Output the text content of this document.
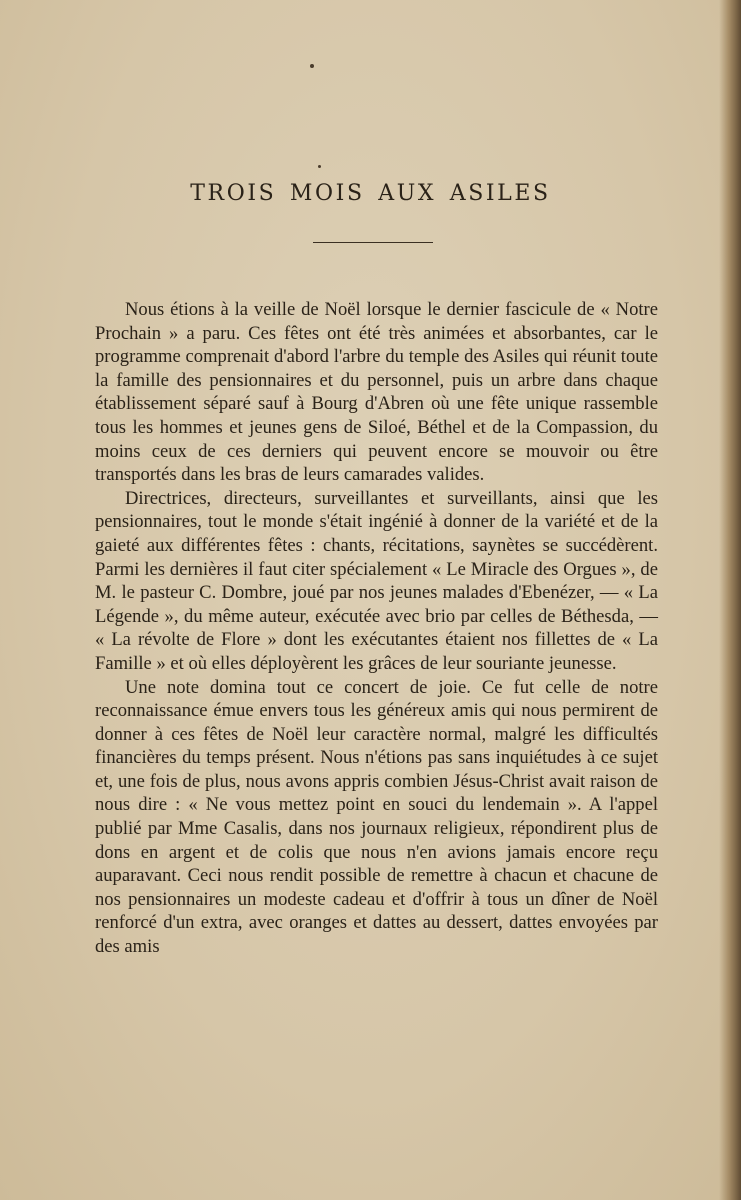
TROIS MOIS AUX ASILES

Nous étions à la veille de Noël lorsque le dernier fascicule de « Notre Prochain » a paru. Ces fêtes ont été très animées et absorbantes, car le programme comprenait d'abord l'arbre du temple des Asiles qui réunit toute la famille des pensionnaires et du personnel, puis un arbre dans chaque établissement séparé sauf à Bourg d'Abren où une fête unique rassemble tous les hommes et jeunes gens de Siloé, Béthel et de la Compassion, du moins ceux de ces derniers qui peuvent encore se mouvoir ou être transportés dans les bras de leurs camarades valides.

Directrices, directeurs, surveillantes et surveillants, ainsi que les pensionnaires, tout le monde s'était ingénié à donner de la variété et de la gaieté aux différentes fêtes : chants, récitations, saynètes se succédèrent. Parmi les dernières il faut citer spécialement « Le Miracle des Orgues », de M. le pasteur C. Dombre, joué par nos jeunes malades d'Ebenézer, — « La Légende », du même auteur, exécutée avec brio par celles de Béthesda, — « La révolte de Flore » dont les exécutantes étaient nos fillettes de « La Famille » et où elles déployèrent les grâces de leur souriante jeunesse.

Une note domina tout ce concert de joie. Ce fut celle de notre reconnaissance émue envers tous les généreux amis qui nous permirent de donner à ces fêtes de Noël leur caractère normal, malgré les difficultés financières du temps présent. Nous n'étions pas sans inquiétudes à ce sujet et, une fois de plus, nous avons appris combien Jésus-Christ avait raison de nous dire : « Ne vous mettez point en souci du lendemain ». A l'appel publié par Mme Casalis, dans nos journaux religieux, répondirent plus de dons en argent et de colis que nous n'en avions jamais encore reçu auparavant. Ceci nous rendit possible de remettre à chacun et chacune de nos pensionnaires un modeste cadeau et d'offrir à tous un dîner de Noël renforcé d'un extra, avec oranges et dattes au dessert, dattes envoyées par des amis
